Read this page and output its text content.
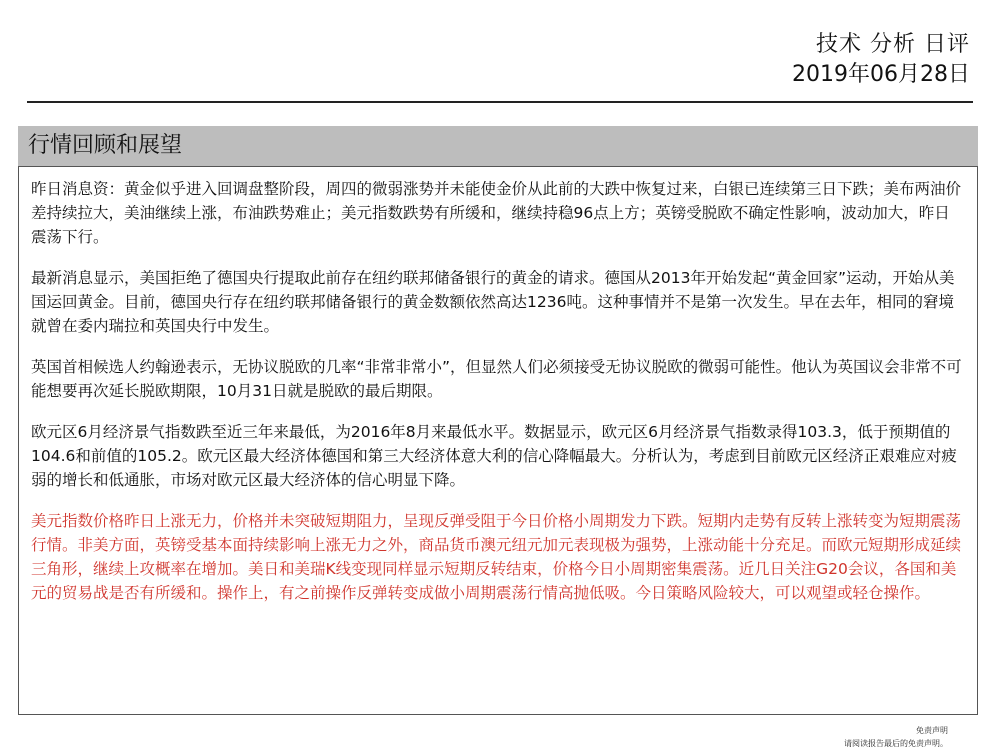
技术 分析 日评
2019年06月28日
行情回顾和展望

昨日消息资：黄金似乎进入回调盘整阶段，周四的微弱涨势并未能使金价从此前的大跌中恢复过来，白银已连续第三日下跌；美布两油价差持续拉大，美油继续上涨，布油跌势难止；美元指数跌势有所缓和，继续持稳96点上方；英镑受脱欧不确定性影响，波动加大，昨日震荡下行。

最新消息显示，美国拒绝了德国央行提取此前存在纽约联邦储备银行的黄金的请求。德国从2013年开始发起“黄金回家”运动，开始从美国运回黄金。目前，德国央行存在纽约联邦储备银行的黄金数额依然高达1236吨。这种事情并不是第一次发生。早在去年，相同的窘境就曾在委内瑞拉和英国央行中发生。

英国首相候选人约翰逊表示，无协议脱欧的几率“非常非常小”，但显然人们必须接受无协议脱欧的微弱可能性。他认为英国议会非常不可能想要再次延长脱欧期限，10月31日就是脱欧的最后期限。

欧元区6月经济景气指数跌至近三年来最低，为2016年8月来最低水平。数据显示，欧元区6月经济景气指数录得103.3，低于预期值的104.6和前值的105.2。欧元区最大经济体德国和第三大经济体意大利的信心降幅最大。分析认为，考虑到目前欧元区经济正艰难应对疲弱的增长和低通胀，市场对欧元区最大经济体的信心明显下降。

美元指数价格昨日上涨无力，价格并未突破短期阻力，呈现反弹受阻于今日价格小周期发力下跌。短期内走势有反转上涨转变为短期震荡行情。非美方面，英镑受基本面持续影响上涨无力之外，商品货币澳元纽元加元表现极为强势，上涨动能十分充足。而欧元短期形成延续三角形，继续上攻概率在增加。美日和美瑞K线变现同样显示短期反转结束，价格今日小周期密集震荡。近几日关注G20会议，各国和美元的贸易战是否有所缓和。操作上，有之前操作反弹转变成做小周期震荡行情高抛低吸。今日策略风险较大，可以观望或轻仓操作。

免责声明
请阅读报告最后的免责声明。
